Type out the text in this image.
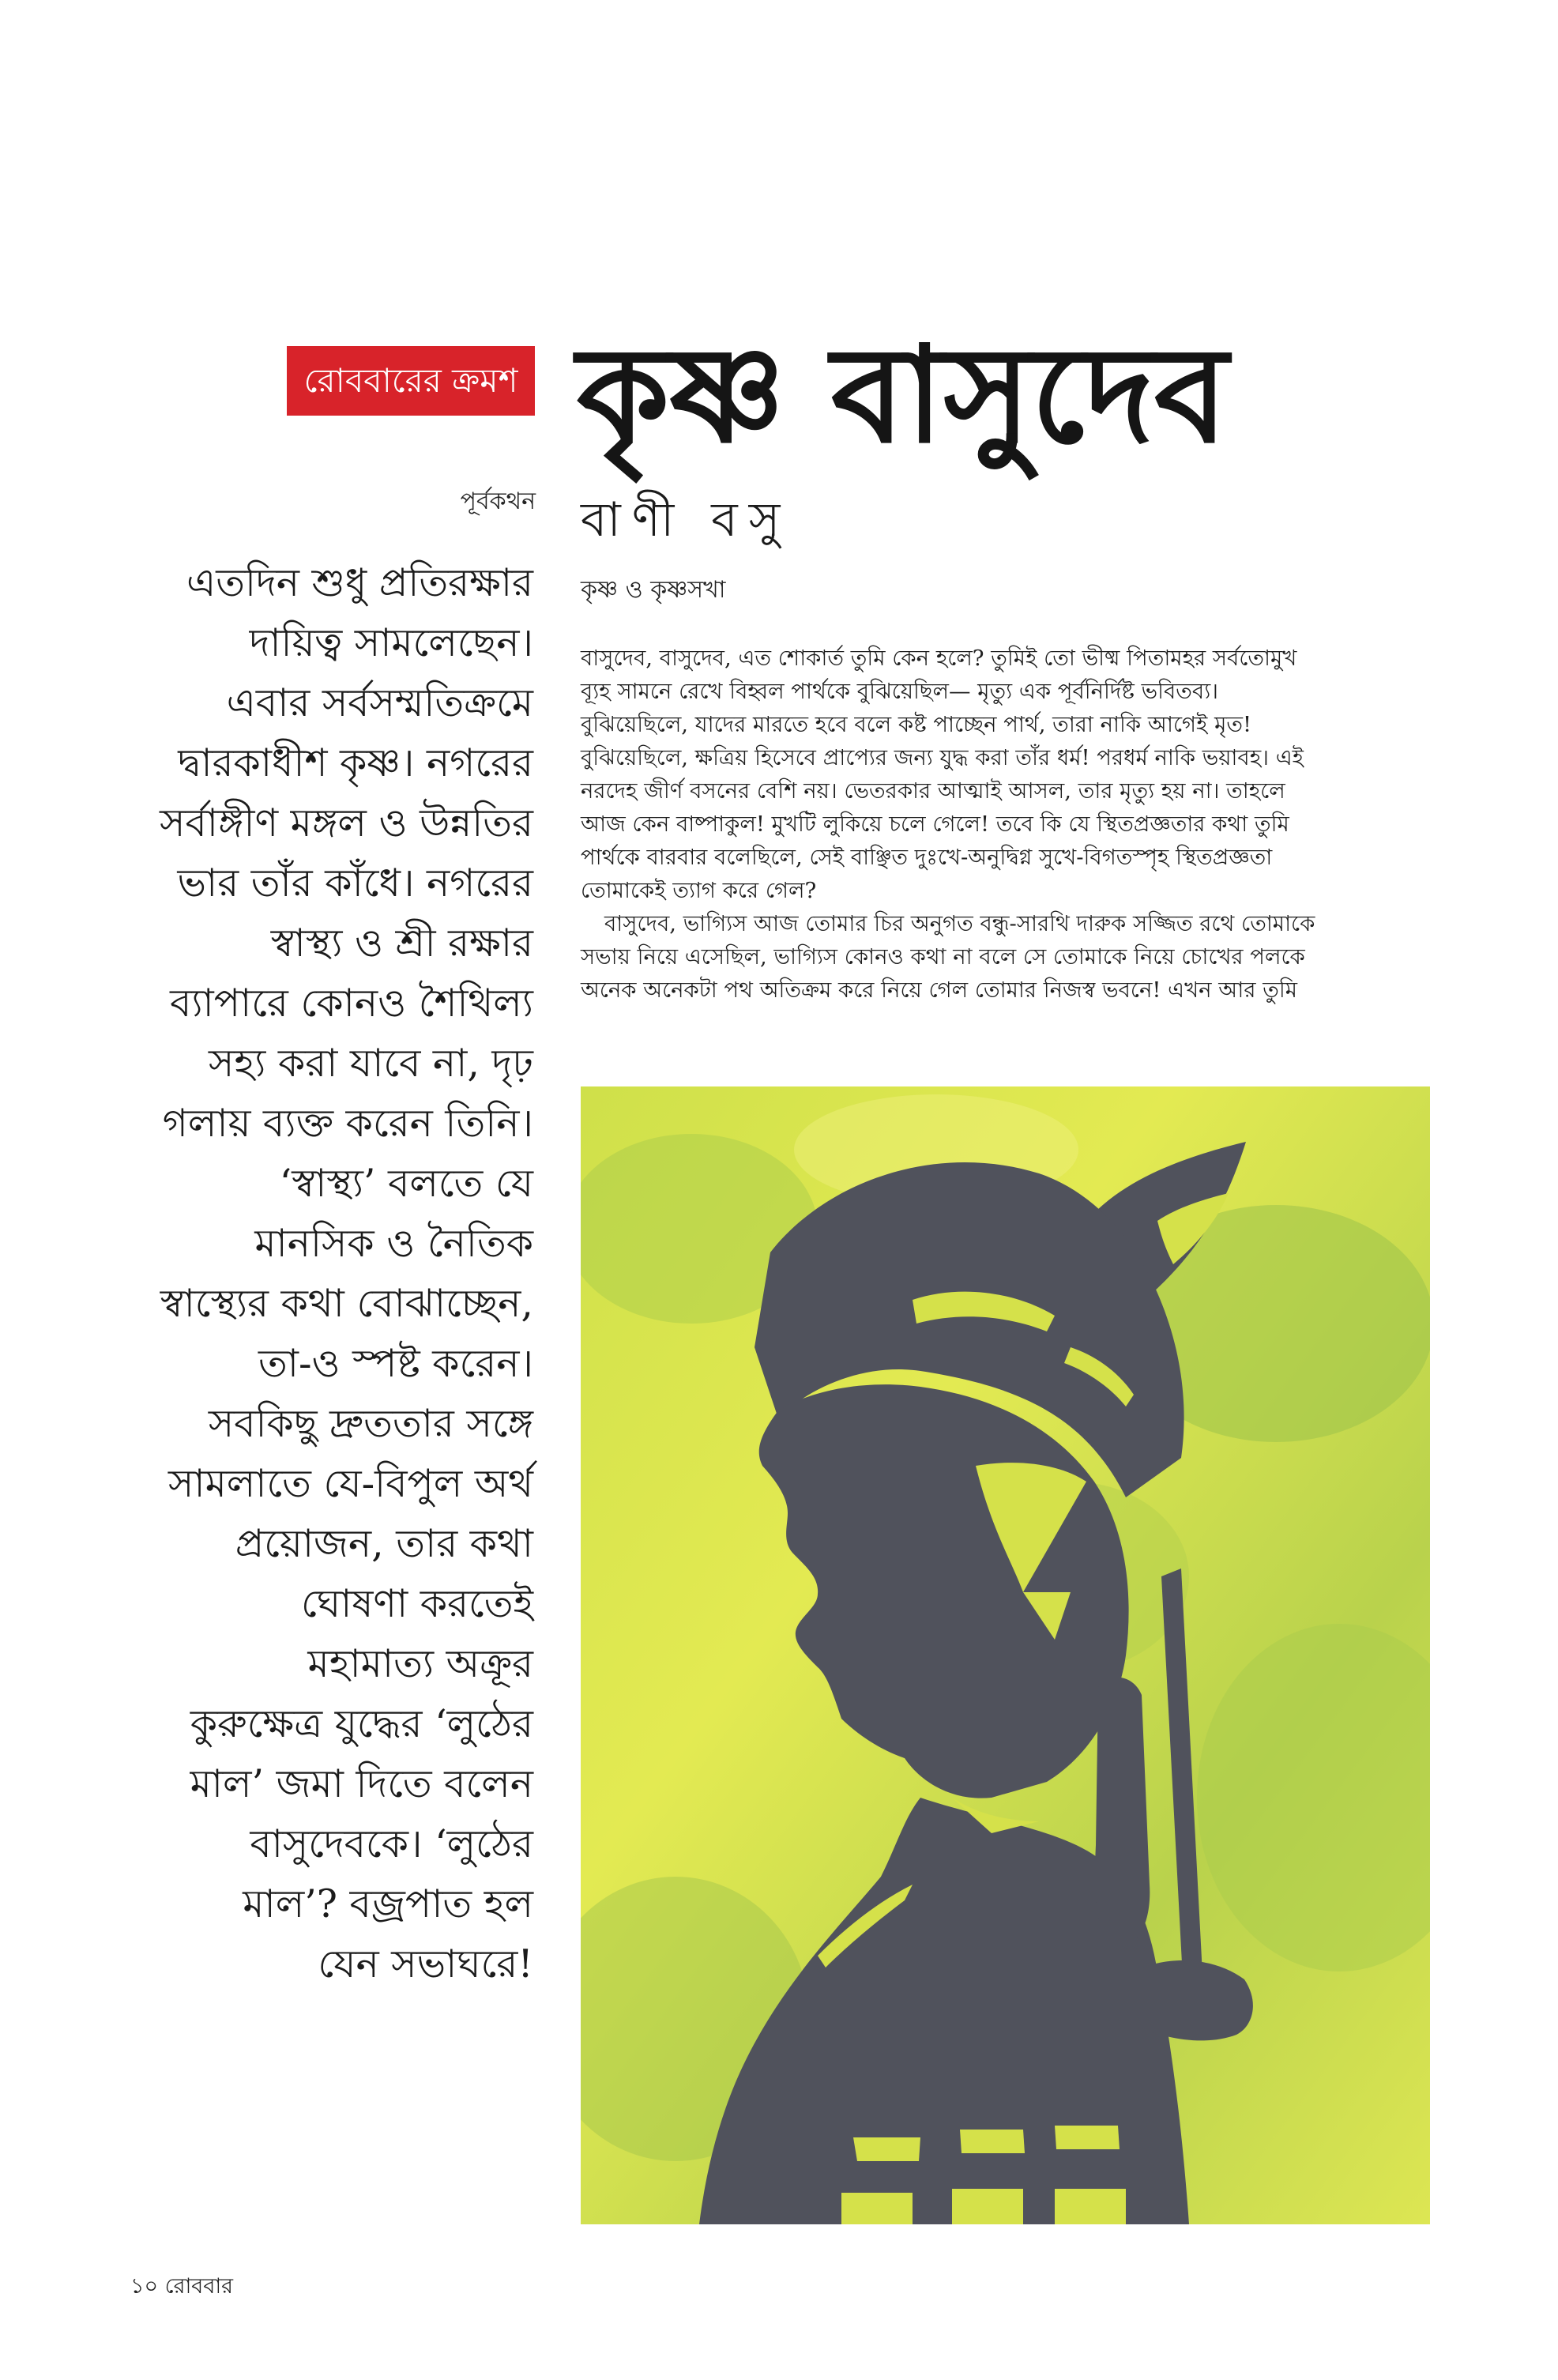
রোববারের ক্রমশ কৃষ্ণ বাসুদেব
পূর্বকথন বাণী বসু
এতদিন শুধু প্রতিরক্ষার
দায়িত্ব সামলেছেন।
এবার সর্বসম্মতিক্রমে
দ্বারকাধীশ কৃষ্ণ। নগরের
সর্বাঙ্গীণ মঙ্গল ও উন্নতির
ভার তাঁর কাঁধে। নগরের
স্বাস্থ্য ও শ্রী রক্ষার
ব্যাপারে কোনও শৈথিল্য
সহ্য করা যাবে না, দৃঢ়
গলায় ব্যক্ত করেন তিনি।
‘স্বাস্থ্য’ বলতে যে
মানসিক ও নৈতিক
স্বাস্থ্যের কথা বোঝাচ্ছেন,
তা-ও স্পষ্ট করেন।
সবকিছু দ্রুততার সঙ্গে
সামলাতে যে-বিপুল অর্থ
প্রয়োজন, তার কথা
ঘোষণা করতেই
মহামাত্য অক্রূর
কুরুক্ষেত্র যুদ্ধের ‘লুঠের
মাল’ জমা দিতে বলেন
বাসুদেবকে। ‘লুঠের
মাল’? বজ্রপাত হল
যেন সভাঘরে!
কৃষ্ণ ও কৃষ্ণসখা
বাসুদেব, বাসুদেব, এত শোকার্ত তুমি কেন হলে? তুমিই তো ভীষ্ম পিতামহর সর্বতোমুখ
ব্যূহ সামনে রেখে বিহ্বল পার্থকে বুঝিয়েছিল— মৃত্যু এক পূর্বনির্দিষ্ট ভবিতব্য।
বুঝিয়েছিলে, যাদের মারতে হবে বলে কষ্ট পাচ্ছেন পার্থ, তারা নাকি আগেই মৃত!
বুঝিয়েছিলে, ক্ষত্রিয় হিসেবে প্রাপ্যের জন্য যুদ্ধ করা তাঁর ধর্ম! পরধর্ম নাকি ভয়াবহ। এই
নরদেহ জীর্ণ বসনের বেশি নয়। ভেতরকার আত্মাই আসল, তার মৃত্যু হয় না। তাহলে
আজ কেন বাষ্পাকুল! মুখটি লুকিয়ে চলে গেলে! তবে কি যে স্থিতপ্রজ্ঞতার কথা তুমি
পার্থকে বারবার বলেছিলে, সেই বাঞ্ছিত দুঃখে-অনুদ্বিগ্ন সুখে-বিগতস্পৃহ স্থিতপ্রজ্ঞতা
তোমাকেই ত্যাগ করে গেল?
বাসুদেব, ভাগ্যিস আজ তোমার চির অনুগত বন্ধু-সারথি দারুক সজ্জিত রথে তোমাকে
সভায় নিয়ে এসেছিল, ভাগ্যিস কোনও কথা না বলে সে তোমাকে নিয়ে চোখের পলকে
অনেক অনেকটা পথ অতিক্রম করে নিয়ে গেল তোমার নিজস্ব ভবনে! এখন আর তুমি
১০ রোববার
